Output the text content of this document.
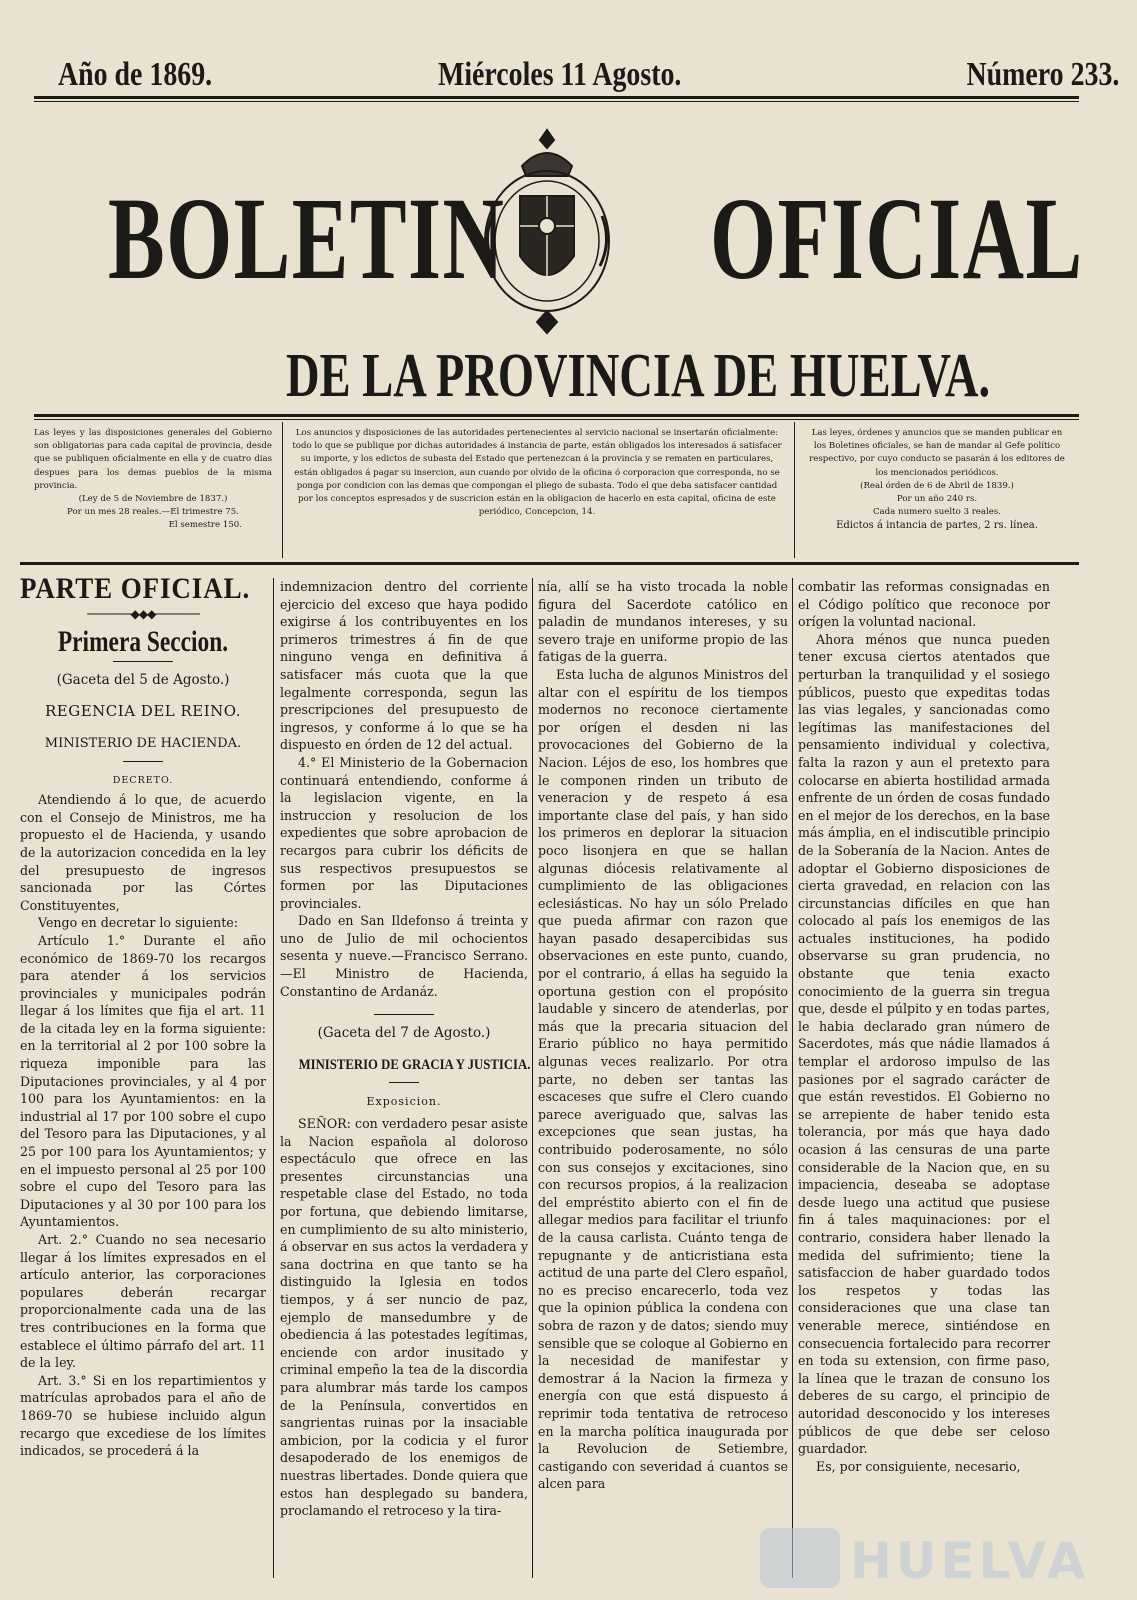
Año de 1869.	Miércoles 11 Agosto.	Número 233.
BOLETIN OFICIAL
DE LA PROVINCIA DE HUELVA.

Las leyes y las disposiciones generales del Gobierno son obligatorias para cada capital de provincia, desde que se publiquen oficialmente en ella y de cuatro dias despues para los demas pueblos de la misma provincia.

(Ley de 5 de Noviembre de 1837.)

Por un mes 28 reales.—El trimestre 75.

El semestre 150.

Los anuncios y disposiciones de las autoridades pertenecientes al servicio nacional se insertarán oficialmente: todo lo que se publique por dichas autoridades á instancia de parte, están obligados los interesados á satisfacer su importe, y los edictos de subasta del Estado que pertenezcan á la provincia y se rematen en particulares, están obligados á pagar su insercion, aun cuando por olvido de la oficina ó corporacion que corresponda, no se ponga por condicion con las demas que compongan el pliego de subasta. Todo el que deba satisfacer cantidad por los conceptos espresados y de suscricion están en la obligacion de hacerlo en esta capital, oficina de este periódico, Concepcion, 14.

Las leyes, órdenes y anuncios que se manden publicar en los Boletines oficiales, se han de mandar al Gefe político respectivo, por cuyo conducto se pasarán á los editores de los mencionados periódicos.

(Real órden de 6 de Abril de 1839.)

Por un año 240 rs.

Cada numero suelto 3 reales.

Edictos á intancia de partes, 2 rs. línea.

PARTE OFICIAL.
───────◆◆◆───────
Primera Seccion.

(Gaceta del 5 de Agosto.)

REGENCIA DEL REINO.

MINISTERIO DE HACIENDA.

DECRETO.

Atendiendo á lo que, de acuerdo con el Consejo de Ministros, me ha propuesto el de Hacienda, y usando de la autorizacion concedida en la ley del presupuesto de ingresos sancionada por las Córtes Constituyentes,

Vengo en decretar lo siguiente:

Artículo 1.° Durante el año económico de 1869-70 los recargos para atender á los servicios provinciales y municipales podrán llegar á los límites que fija el art. 11 de la citada ley en la forma siguiente: en la territorial al 2 por 100 sobre la riqueza imponible para las Diputaciones provinciales, y al 4 por 100 para los Ayuntamientos: en la industrial al 17 por 100 sobre el cupo del Tesoro para las Diputaciones, y al 25 por 100 para los Ayuntamientos; y en el impuesto personal al 25 por 100 sobre el cupo del Tesoro para las Diputaciones y al 30 por 100 para los Ayuntamientos.

Art. 2.° Cuando no sea necesario llegar á los límites expresados en el artículo anterior, las corporaciones populares deberán recargar proporcionalmente cada una de las tres contribuciones en la forma que establece el último párrafo del art. 11 de la ley.

Art. 3.° Si en los repartimientos y matrículas aprobados para el año de 1869-70 se hubiese incluido algun recargo que excediese de los límites indicados, se procederá á la

indemnizacion dentro del corriente ejercicio del exceso que haya podido exigirse á los contribuyentes en los primeros trimestres á fin de que ninguno venga en definitiva á satisfacer más cuota que la que legalmente corresponda, segun las prescripciones del presupuesto de ingresos, y conforme á lo que se ha dispuesto en órden de 12 del actual.

4.° El Ministerio de la Gobernacion continuará entendiendo, conforme á la legislacion vigente, en la instruccion y resolucion de los expedientes que sobre aprobacion de recargos para cubrir los déficits de sus respectivos presupuestos se formen por las Diputaciones provinciales.

Dado en San Ildefonso á treinta y uno de Julio de mil ochocientos sesenta y nueve.—Francisco Serrano.—El Ministro de Hacienda, Constantino de Ardanáz.

(Gaceta del 7 de Agosto.)

MINISTERIO DE GRACIA Y JUSTICIA.

Exposicion.

SEÑOR: con verdadero pesar asiste la Nacion española al doloroso espectáculo que ofrece en las presentes circunstancias una respetable clase del Estado, no toda por fortuna, que debiendo limitarse, en cumplimiento de su alto ministerio, á observar en sus actos la verdadera y sana doctrina en que tanto se ha distinguido la Iglesia en todos tiempos, y á ser nuncio de paz, ejemplo de mansedumbre y de obediencia á las potestades legítimas, enciende con ardor inusitado y criminal empeño la tea de la discordia para alumbrar más tarde los campos de la Península, convertidos en sangrientas ruinas por la insaciable ambicion, por la codicia y el furor desapoderado de los enemigos de nuestras libertades. Donde quiera que estos han desplegado su bandera, proclamando el retroceso y la tira-

nía, allí se ha visto trocada la noble figura del Sacerdote católico en paladin de mundanos intereses, y su severo traje en uniforme propio de las fatigas de la guerra.

Esta lucha de algunos Ministros del altar con el espíritu de los tiempos modernos no reconoce ciertamente por orígen el desden ni las provocaciones del Gobierno de la Nacion. Léjos de eso, los hombres que le componen rinden un tributo de veneracion y de respeto á esa importante clase del país, y han sido los primeros en deplorar la situacion poco lisonjera en que se hallan algunas diócesis relativamente al cumplimiento de las obligaciones eclesiásticas. No hay un sólo Prelado que pueda afirmar con razon que hayan pasado desapercibidas sus observaciones en este punto, cuando, por el contrario, á ellas ha seguido la oportuna gestion con el propósito laudable y sincero de atenderlas, por más que la precaria situacion del Erario público no haya permitido algunas veces realizarlo. Por otra parte, no deben ser tantas las escaceses que sufre el Clero cuando parece averiguado que, salvas las excepciones que sean justas, ha contribuido poderosamente, no sólo con sus consejos y excitaciones, sino con recursos propios, á la realizacion del empréstito abierto con el fin de allegar medios para facilitar el triunfo de la causa carlista. Cuánto tenga de repugnante y de anticristiana esta actitud de una parte del Clero español, no es preciso encarecerlo, toda vez que la opinion pública la condena con sobra de razon y de datos; siendo muy sensible que se coloque al Gobierno en la necesidad de manifestar y demostrar á la Nacion la firmeza y energía con que está dispuesto á reprimir toda tentativa de retroceso en la marcha política inaugurada por la Revolucion de Setiembre, castigando con severidad á cuantos se alcen para

combatir las reformas consignadas en el Código político que reconoce por orígen la voluntad nacional.

Ahora ménos que nunca pueden tener excusa ciertos atentados que perturban la tranquilidad y el sosiego públicos, puesto que expeditas todas las vias legales, y sancionadas como legítimas las manifestaciones del pensamiento individual y colectiva, falta la razon y aun el pretexto para colocarse en abierta hostilidad armada enfrente de un órden de cosas fundado en el mejor de los derechos, en la base más ámplia, en el indiscutible principio de la Soberanía de la Nacion. Antes de adoptar el Gobierno disposiciones de cierta gravedad, en relacion con las circunstancias difíciles en que han colocado al país los enemigos de las actuales instituciones, ha podido observarse su gran prudencia, no obstante que tenia exacto conocimiento de la guerra sin tregua que, desde el púlpito y en todas partes, le habia declarado gran número de Sacerdotes, más que nádie llamados á templar el ardoroso impulso de las pasiones por el sagrado carácter de que están revestidos. El Gobierno no se arrepiente de haber tenido esta tolerancia, por más que haya dado ocasion á las censuras de una parte considerable de la Nacion que, en su impaciencia, deseaba se adoptase desde luego una actitud que pusiese fin á tales maquinaciones: por el contrario, considera haber llenado la medida del sufrimiento; tiene la satisfaccion de haber guardado todos los respetos y todas las consideraciones que una clase tan venerable merece, sintiéndose en consecuencia fortalecido para recorrer en toda su extension, con firme paso, la línea que le trazan de consuno los deberes de su cargo, el principio de autoridad desconocido y los intereses públicos de que debe ser celoso guardador.

Es, por consiguiente, necesario,

HUELVA
